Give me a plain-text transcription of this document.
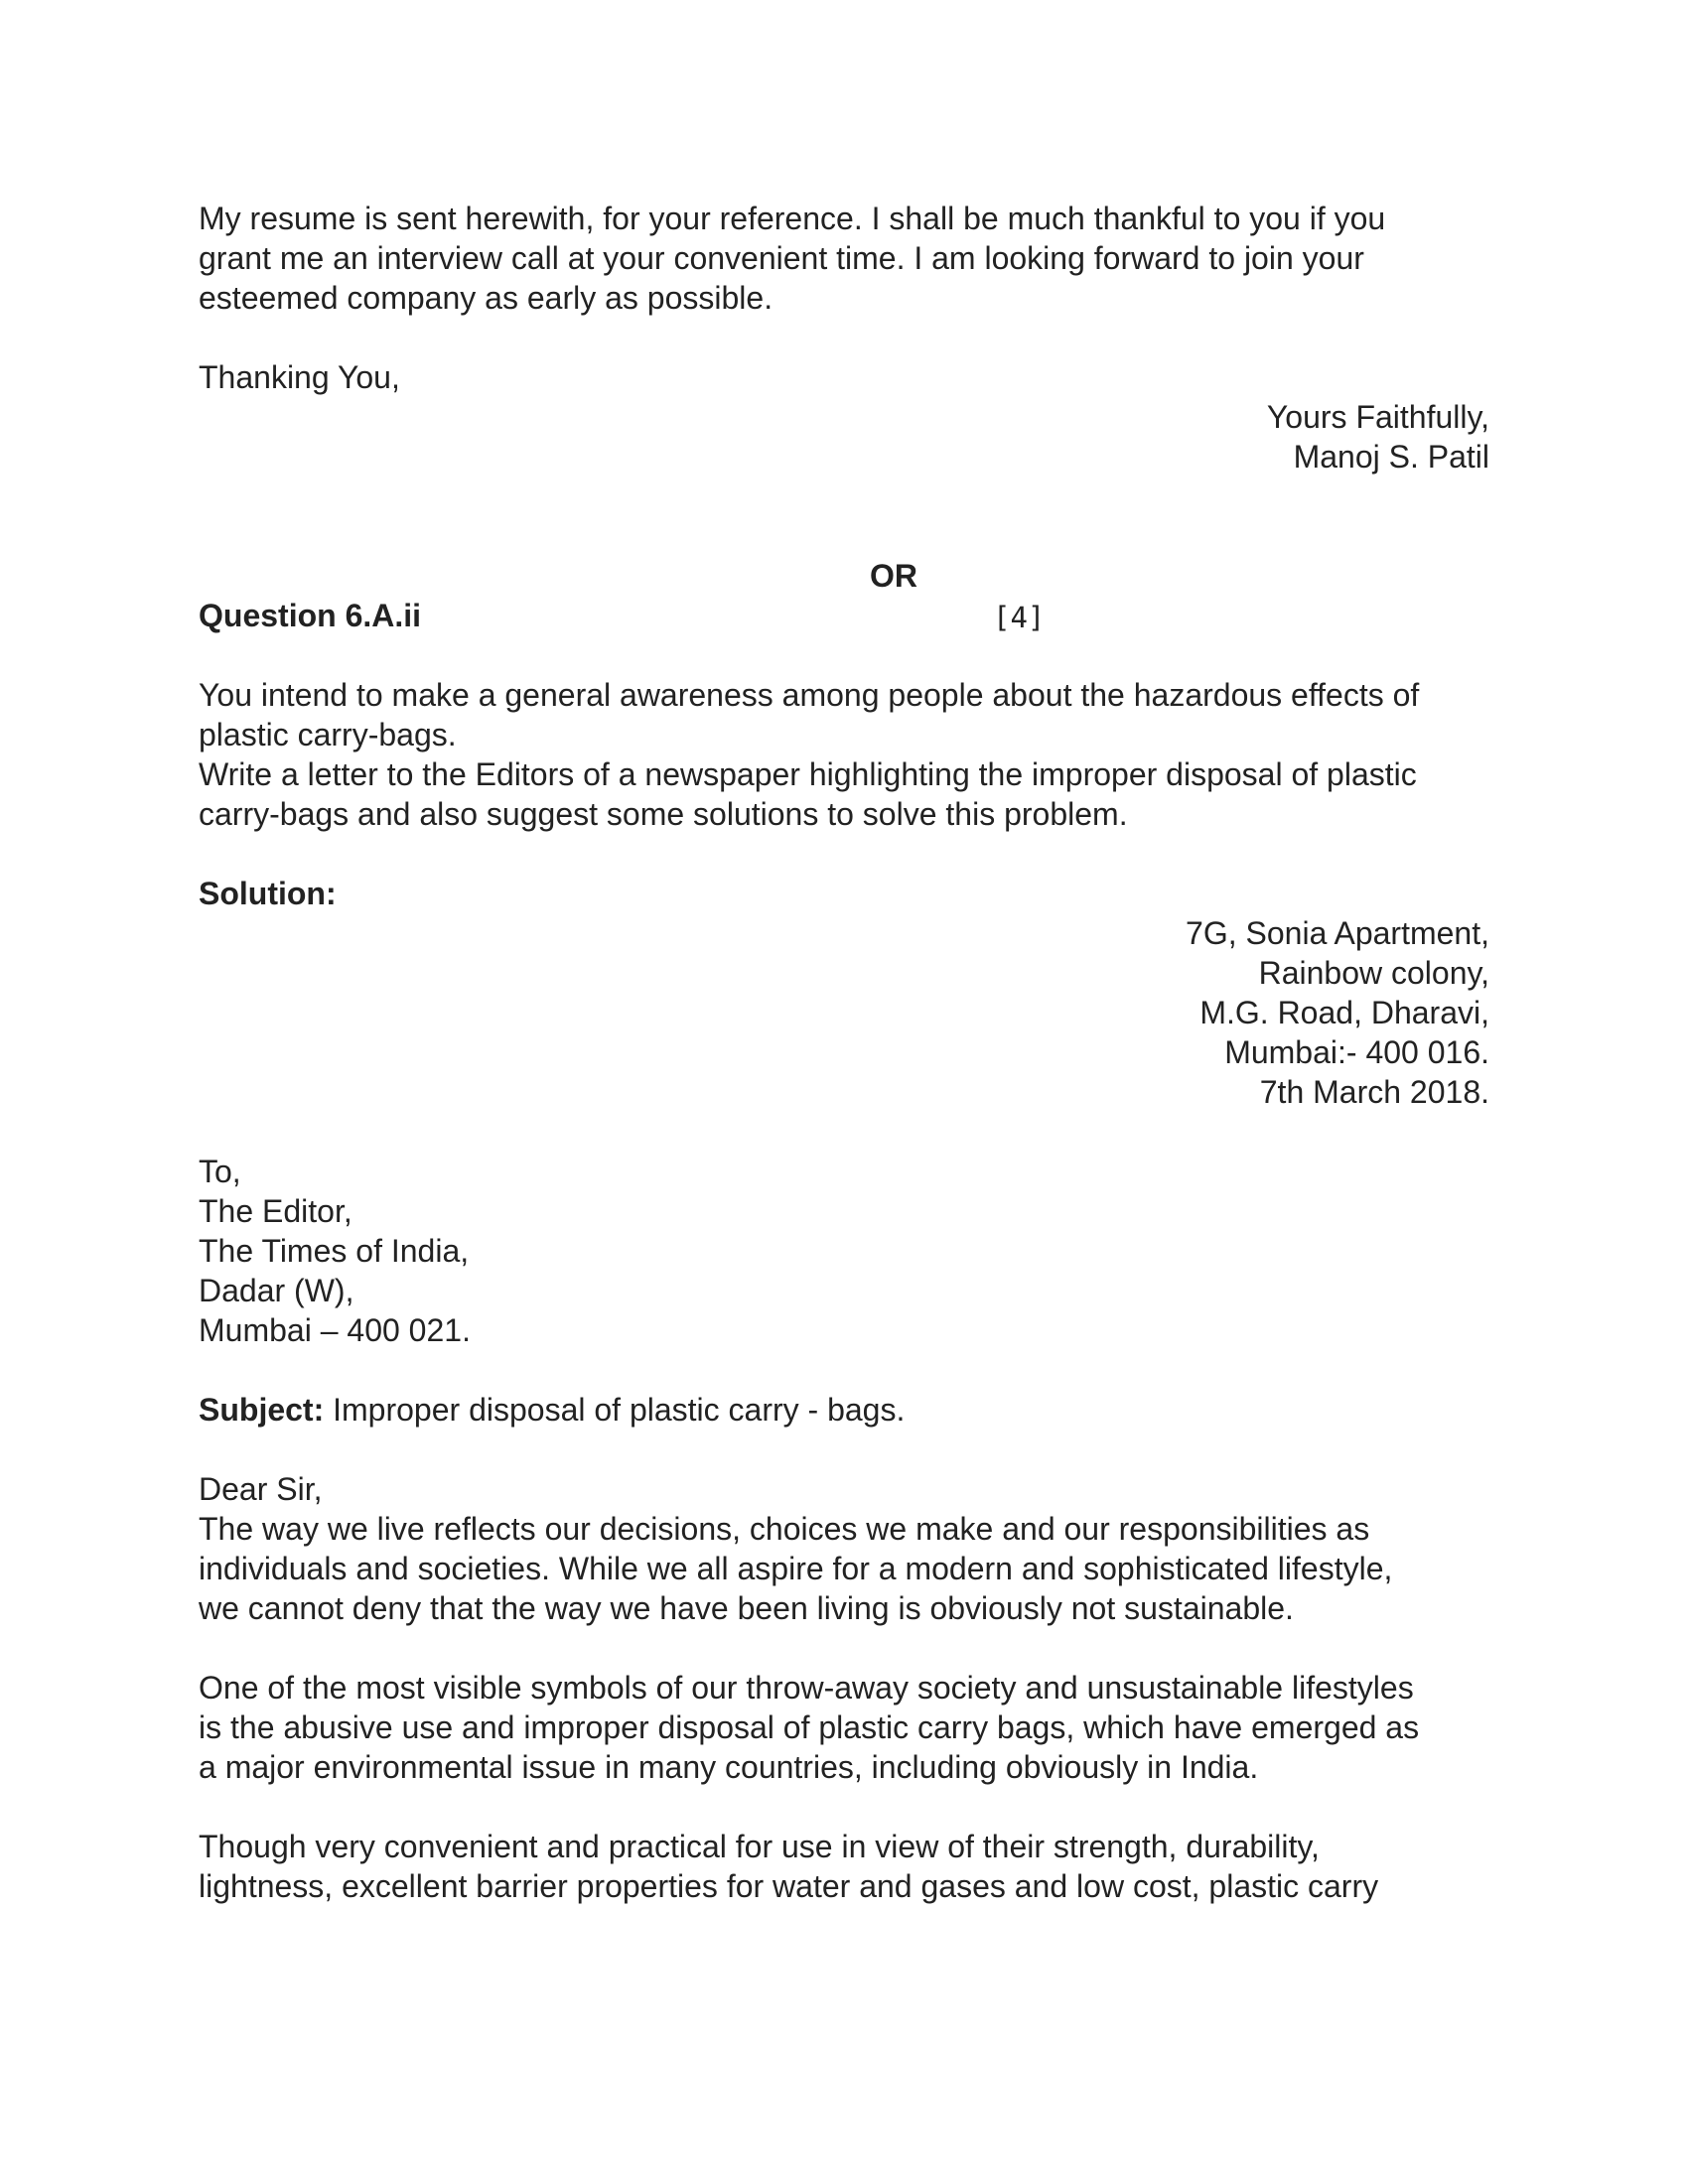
My resume is sent herewith, for your reference. I shall be much thankful to you if you
grant me an interview call at your convenient time. I am looking forward to join your
esteemed company as early as possible.

Thanking You,

Yours Faithfully,

Manoj S. Patil

OR

Question 6.A.ii	[4]
You intend to make a general awareness among people about the hazardous effects of
plastic carry-bags.
Write a letter to the Editors of a newspaper highlighting the improper disposal of plastic
carry-bags and also suggest some solutions to solve this problem.

Solution:

7G, Sonia Apartment,

Rainbow colony,

M.G. Road, Dharavi,

Mumbai:- 400 016.

7th March 2018.

To,
The Editor,
The Times of India,
Dadar (W),
Mumbai – 400 021.

Subject: Improper disposal of plastic carry - bags.

Dear Sir,

The way we live reflects our decisions, choices we make and our responsibilities as
individuals and societies. While we all aspire for a modern and sophisticated lifestyle,
we cannot deny that the way we have been living is obviously not sustainable.
One of the most visible symbols of our throw-away society and unsustainable lifestyles
is the abusive use and improper disposal of plastic carry bags, which have emerged as
a major environmental issue in many countries, including obviously in India.
Though very convenient and practical for use in view of their strength, durability,
lightness, excellent barrier properties for water and gases and low cost, plastic carry
